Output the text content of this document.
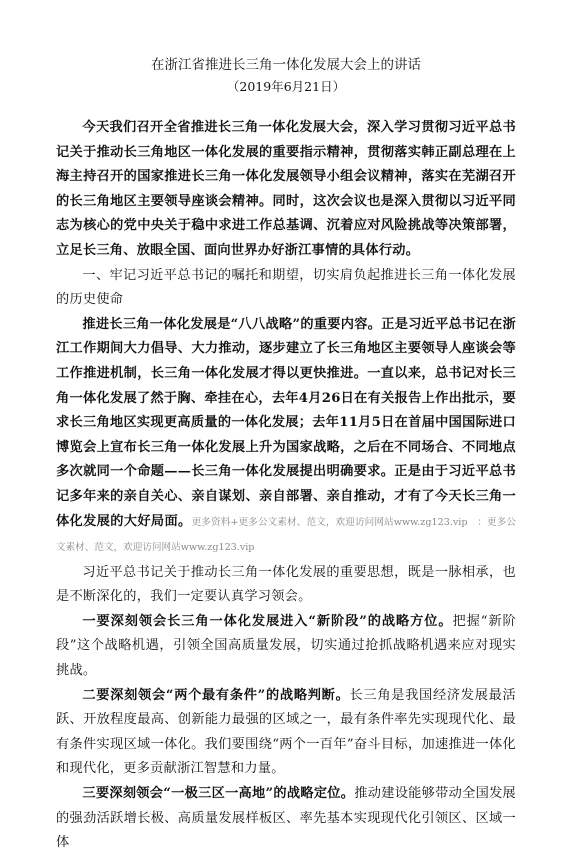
在浙江省推进长三角一体化发展大会上的讲话
（2019年6月21日）

今天我们召开全省推进长三角一体化发展大会，深入学习贯彻习近平总书记关于推动长三角地区一体化发展的重要指示精神，贯彻落实韩正副总理在上海主持召开的国家推进长三角一体化发展领导小组会议精神，落实在芜湖召开的长三角地区主要领导座谈会精神。同时，这次会议也是深入贯彻以习近平同志为核心的党中央关于稳中求进工作总基调、沉着应对风险挑战等决策部署，立足长三角、放眼全国、面向世界办好浙江事情的具体行动。

一、牢记习近平总书记的嘱托和期望，切实肩负起推进长三角一体化发展的历史使命

推进长三角一体化发展是“八八战略”的重要内容。正是习近平总书记在浙江工作期间大力倡导、大力推动，逐步建立了长三角地区主要领导人座谈会等工作推进机制，长三角一体化发展才得以更快推进。一直以来，总书记对长三角一体化发展了然于胸、牵挂在心，去年4月26日在有关报告上作出批示，要求长三角地区实现更高质量的一体化发展；去年11月5日在首届中国国际进口博览会上宣布长三角一体化发展上升为国家战略，之后在不同场合、不同地点多次就同一个命题——长三角一体化发展提出明确要求。正是由于习近平总书记多年来的亲自关心、亲自谋划、亲自部署、亲自推动，才有了今天长三角一体化发展的大好局面。更多资料+更多公文素材、范文，欢迎访问网站www.zg123.vip　：更多公文素材、范文，欢迎访问网站www.zg123.vip

习近平总书记关于推动长三角一体化发展的重要思想，既是一脉相承，也是不断深化的，我们一定要认真学习领会。

一要深刻领会长三角一体化发展进入“新阶段”的战略方位。把握“新阶段”这个战略机遇，引领全国高质量发展，切实通过抢抓战略机遇来应对现实挑战。

二要深刻领会“两个最有条件”的战略判断。长三角是我国经济发展最活跃、开放程度最高、创新能力最强的区域之一，最有条件率先实现现代化、最有条件实现区域一体化。我们要围绕“两个一百年”奋斗目标，加速推进一体化和现代化，更多贡献浙江智慧和力量。

三要深刻领会“一极三区一高地”的战略定位。推动建设能够带动全国发展的强劲活跃增长极、高质量发展样板区、率先基本实现现代化引领区、区域一体
